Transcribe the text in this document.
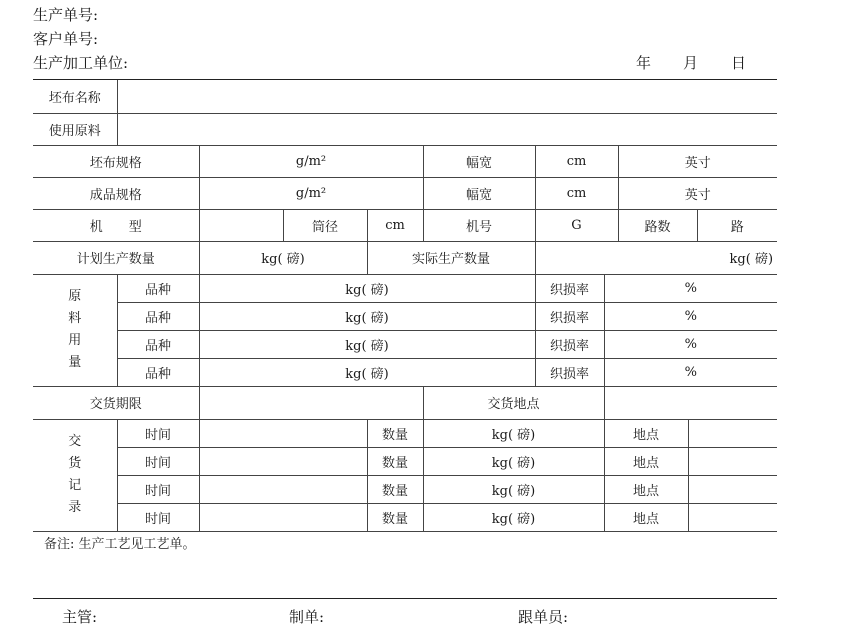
生产单号:
客户单号:
生产加工单位:	年 月 日
坯布名称										
使用原料										
坯布规格		g/m²			幅宽	cm		英寸		
成品规格		g/m²			幅宽	cm		英寸		
机　　型			筒径	cm	机号	G		路数		路
计划生产数量		kg( 磅)		实际生产数量		kg( 磅)				

原
料
用
量	品种	kg( 磅)				织损率	%			
	品种	kg( 磅)				织损率	%			
	品种	kg( 磅)				织损率	%			
	品种	kg( 磅)				织损率	%			
交货期限					交货地点					

交
货
记
录	时间			数量	kg( 磅)		地点			
	时间			数量	kg( 磅)		地点			
	时间			数量	kg( 磅)		地点			
	时间			数量	kg( 磅)		地点			
备注: 生产工艺见工艺单。
主管:	制单:	跟单员:
